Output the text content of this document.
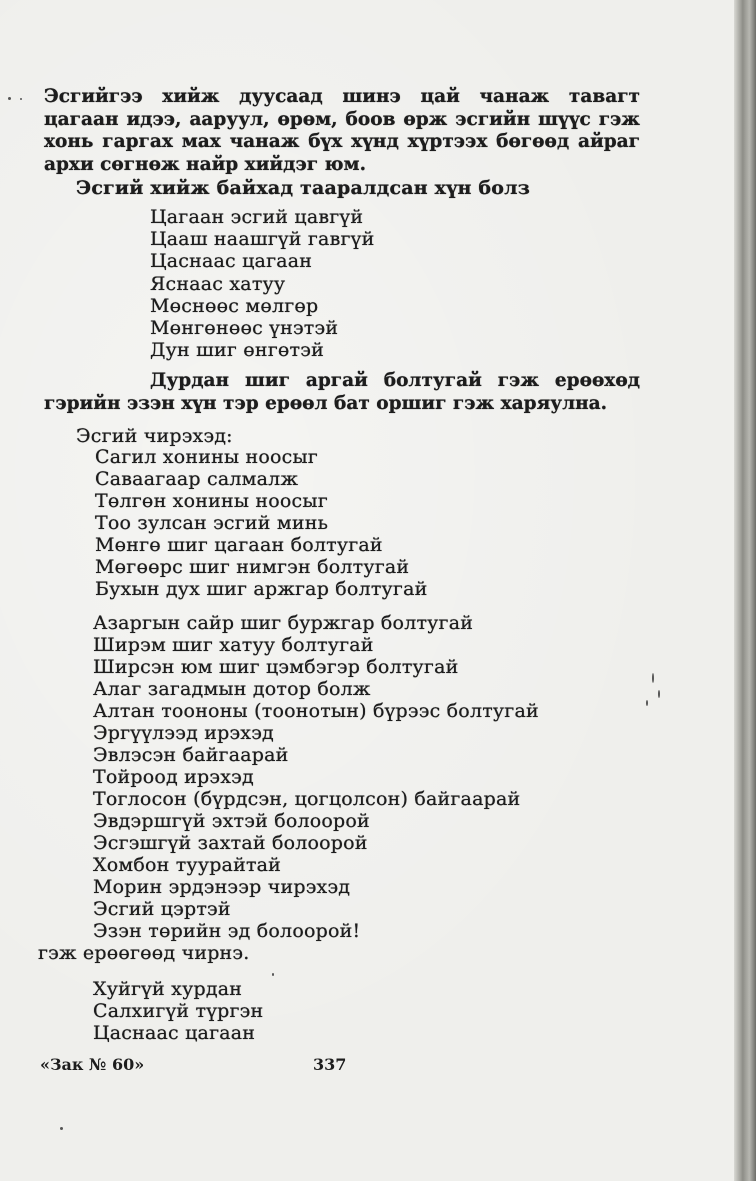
Эсгийгээ хийж дуусаад шинэ цай чанаж тавагт цагаан идээ, ааруул, өрөм, боов өрж эсгийн шүүс гэж хонь гаргах мах чанаж бүх хүнд хүртээх бөгөөд айраг архи сөгнөж найр хийдэг юм.
Эсгий хийж байхад тааралдсан хүн болз
Цагаан эсгий цавгүй
Цааш наашгүй гавгүй
Цаснаас цагаан
Яснаас хатуу
Мөснөөс мөлгөр
Мөнгөнөөс үнэтэй
Дун шиг өнгөтэй
Дурдан шиг аргай болтугай гэж ерөөхөд гэрийн эзэн хүн тэр ерөөл бат оршиг гэж харяулна.
Эсгий чирэхэд:
Сагил хонины ноосыг
Саваагаар салмалж
Төлгөн хонины ноосыг
Тоо зулсан эсгий минь
Мөнгө шиг цагаан болтугай
Мөгөөрс шиг нимгэн болтугай
Бухын дух шиг аржгар болтугай
Азаргын сайр шиг буржгар болтугай
Ширэм шиг хатуу болтугай
Ширсэн юм шиг цэмбэгэр болтугай
Алаг загадмын дотор болж
Алтан тоононы (тоонотын) бүрээс болтугай
Эргүүлээд ирэхэд
Эвлэсэн байгаарай
Тойроод ирэхэд
Тоглосон (бүрдсэн, цогцолсон) байгаарай
Эвдэршгүй эхтэй болоорой
Эсгэшгүй захтай болоорой
Хомбон туурайтай
Морин эрдэнээр чирэхэд
Эсгий цэртэй
Эзэн төрийн эд болоорой!
гэж ерөөгөөд чирнэ.
Хуйгүй хурдан
Салхигүй түргэн
Цаснаас цагаан
«Зак № 60»	337
